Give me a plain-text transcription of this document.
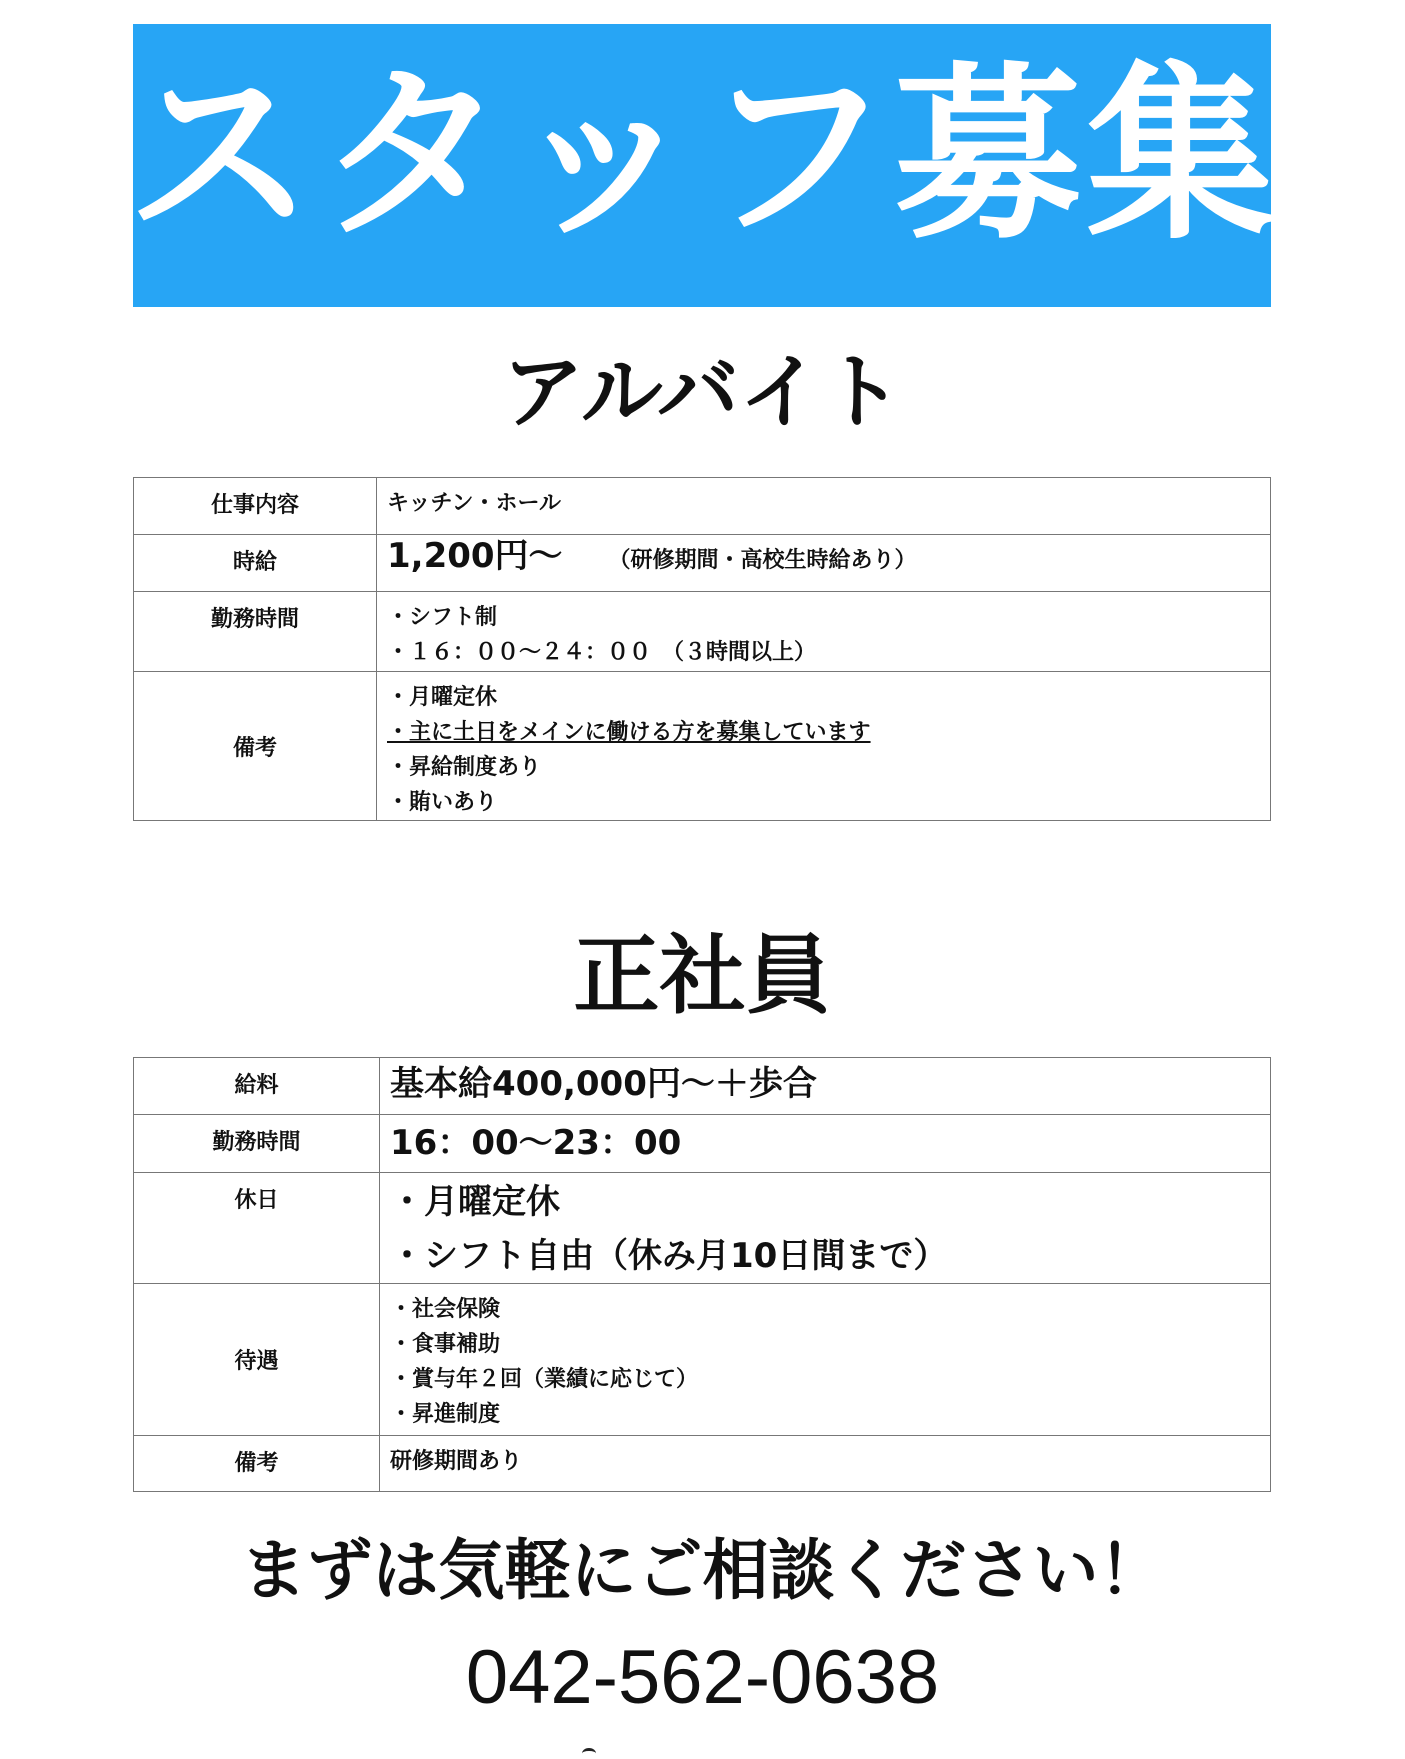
スタッフ募集
アルバイト
仕事内容	キッチン・ホール

時給	1,200円〜 （研修期間・高校生時給あり）

勤務時間	・シフト制
・１６：００〜２４：００　（３時間以上）

備考	・月曜定休
・主に土日をメインに働ける方を募集しています
・昇給制度あり
・賄いあり
正社員
給料	基本給400,000円〜＋歩合

勤務時間	16：00〜23：00

休日	・月曜定休
・シフト自由（休み月10日間まで）

待遇	・社会保険
・食事補助
・賞与年２回（業績に応じて）
・昇進制度

備考	研修期間あり
まずは気軽にご相談ください！
042-562-0638
